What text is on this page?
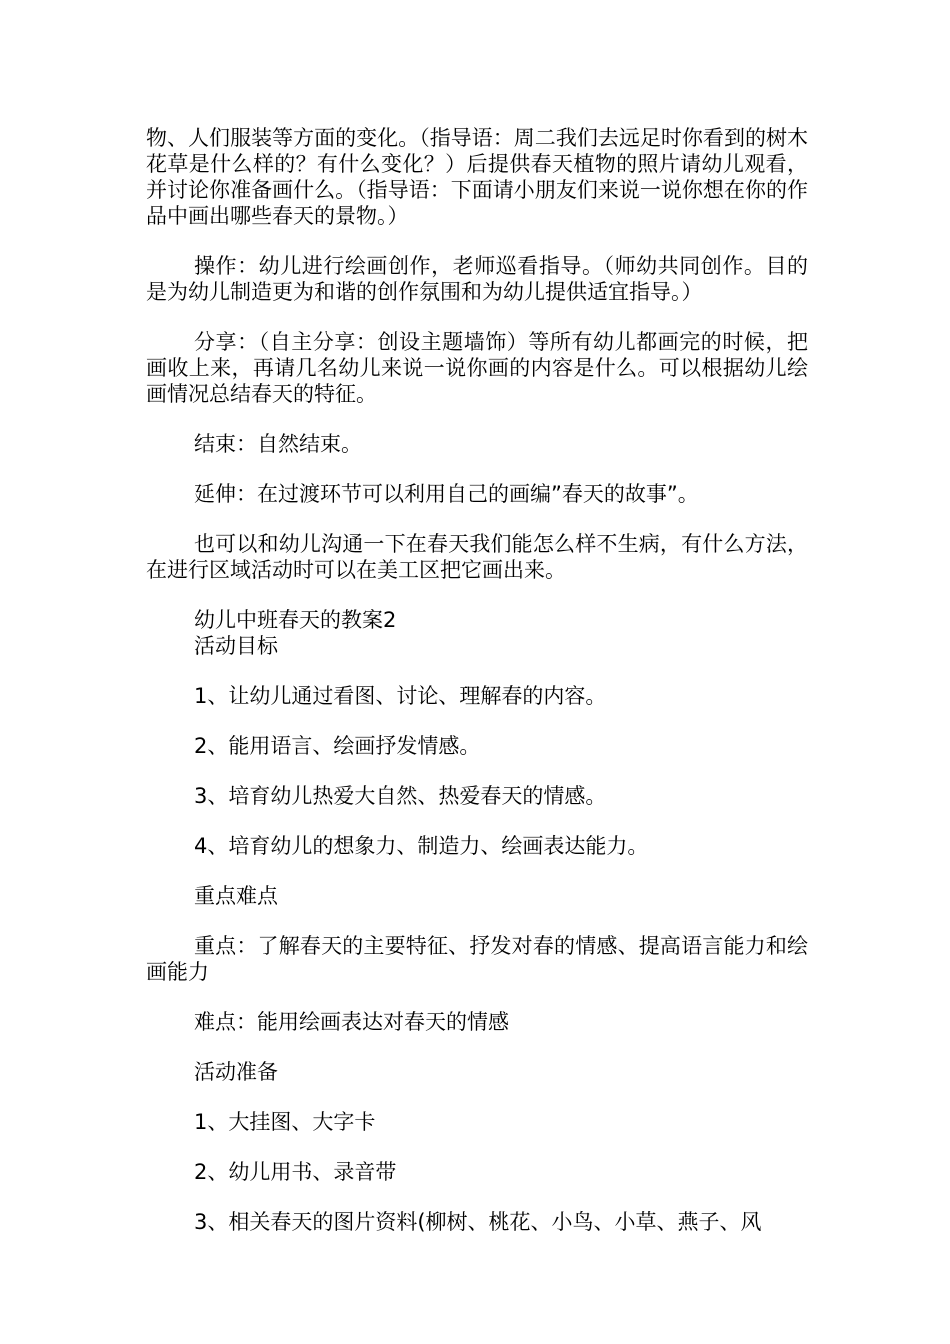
物、人们服装等方面的变化。（指导语：周二我们去远足时你看到的树木花草是什么样的？有什么变化？）后提供春天植物的照片请幼儿观看，并讨论你准备画什么。（指导语：下面请小朋友们来说一说你想在你的作品中画出哪些春天的景物。）

操作：幼儿进行绘画创作，老师巡看指导。（师幼共同创作。目的是为幼儿制造更为和谐的创作氛围和为幼儿提供适宜指导。）

分享：（自主分享：创设主题墙饰）等所有幼儿都画完的时候，把画收上来，再请几名幼儿来说一说你画的内容是什么。可以根据幼儿绘画情况总结春天的特征。

结束：自然结束。

延伸：在过渡环节可以利用自己的画编”春天的故事”。

也可以和幼儿沟通一下在春天我们能怎么样不生病，有什么方法，在进行区域活动时可以在美工区把它画出来。

幼儿中班春天的教案2

活动目标

1、让幼儿通过看图、讨论、理解春的内容。

2、能用语言、绘画抒发情感。

3、培育幼儿热爱大自然、热爱春天的情感。

4、培育幼儿的想象力、制造力、绘画表达能力。

重点难点

重点：了解春天的主要特征、抒发对春的情感、提高语言能力和绘画能力

难点：能用绘画表达对春天的情感

活动准备

1、大挂图、大字卡

2、幼儿用书、录音带

3、相关春天的图片资料(柳树、桃花、小鸟、小草、燕子、风
